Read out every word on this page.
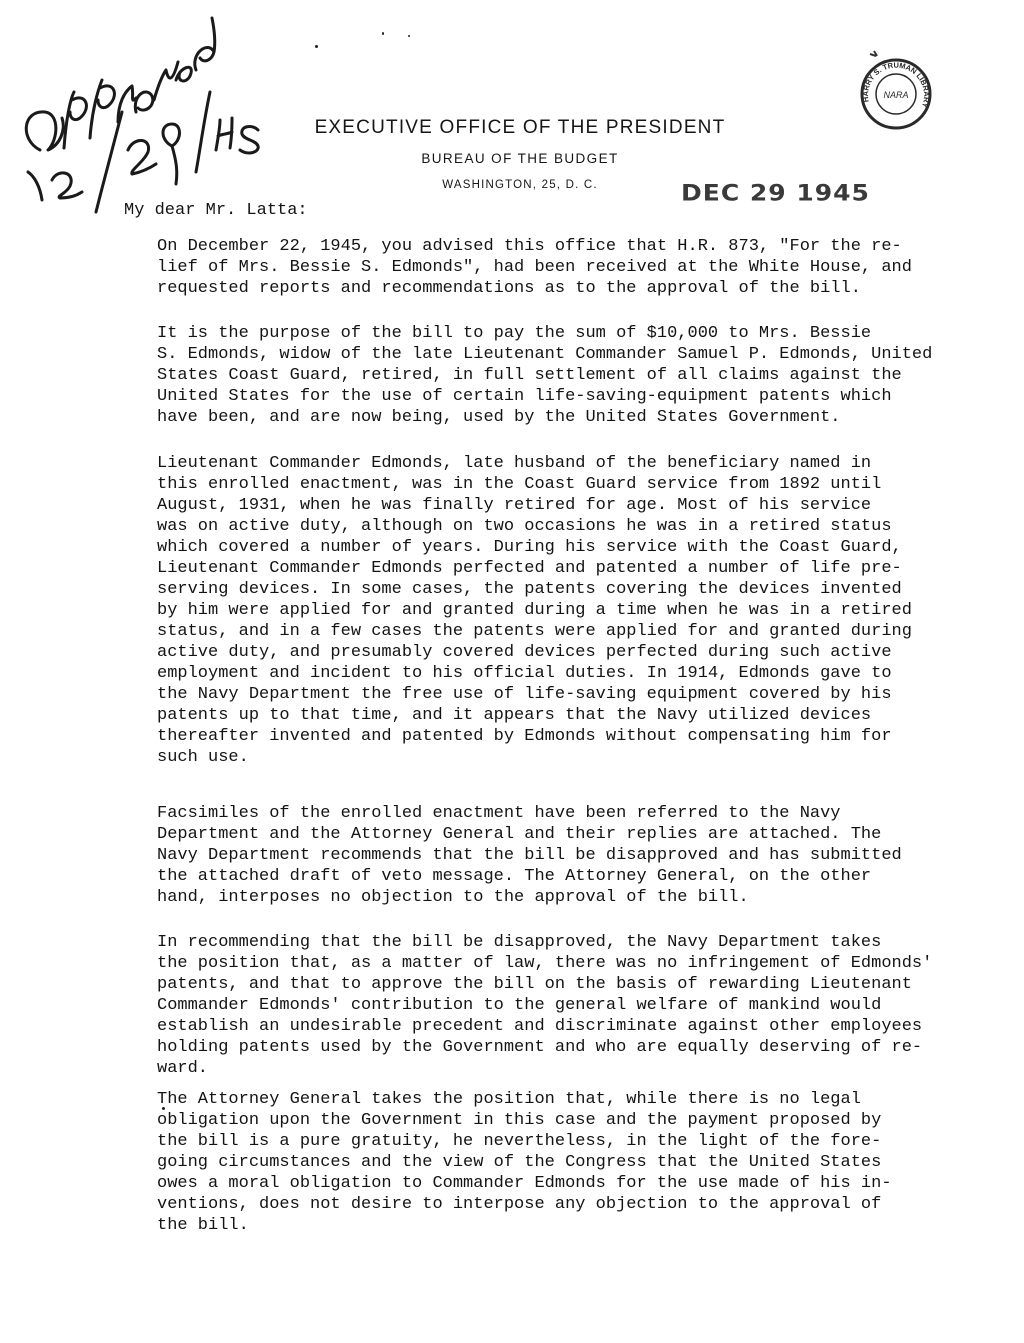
NARA
HARRY S. TRUMAN LIBRARY
EXECUTIVE OFFICE OF THE PRESIDENT
BUREAU OF THE BUDGET
WASHINGTON, 25, D. C.	DEC 29 1945
My dear Mr. Latta:
On December 22, 1945, you advised this office that H.R. 873, "For the re-
lief of Mrs. Bessie S. Edmonds", had been received at the White House, and
requested reports and recommendations as to the approval of the bill.
It is the purpose of the bill to pay the sum of $10,000 to Mrs. Bessie
S. Edmonds, widow of the late Lieutenant Commander Samuel P. Edmonds, United
States Coast Guard, retired, in full settlement of all claims against the
United States for the use of certain life-saving-equipment patents which
have been, and are now being, used by the United States Government.
Lieutenant Commander Edmonds, late husband of the beneficiary named in
this enrolled enactment, was in the Coast Guard service from 1892 until
August, 1931, when he was finally retired for age. Most of his service
was on active duty, although on two occasions he was in a retired status
which covered a number of years. During his service with the Coast Guard,
Lieutenant Commander Edmonds perfected and patented a number of life pre-
serving devices. In some cases, the patents covering the devices invented
by him were applied for and granted during a time when he was in a retired
status, and in a few cases the patents were applied for and granted during
active duty, and presumably covered devices perfected during such active
employment and incident to his official duties. In 1914, Edmonds gave to
the Navy Department the free use of life-saving equipment covered by his
patents up to that time, and it appears that the Navy utilized devices
thereafter invented and patented by Edmonds without compensating him for
such use.
Facsimiles of the enrolled enactment have been referred to the Navy
Department and the Attorney General and their replies are attached. The
Navy Department recommends that the bill be disapproved and has submitted
the attached draft of veto message. The Attorney General, on the other
hand, interposes no objection to the approval of the bill.
In recommending that the bill be disapproved, the Navy Department takes
the position that, as a matter of law, there was no infringement of Edmonds'
patents, and that to approve the bill on the basis of rewarding Lieutenant
Commander Edmonds' contribution to the general welfare of mankind would
establish an undesirable precedent and discriminate against other employees
holding patents used by the Government and who are equally deserving of re-
ward.
The Attorney General takes the position that, while there is no legal
obligation upon the Government in this case and the payment proposed by
the bill is a pure gratuity, he nevertheless, in the light of the fore-
going circumstances and the view of the Congress that the United States
owes a moral obligation to Commander Edmonds for the use made of his in-
ventions, does not desire to interpose any objection to the approval of
the bill.
